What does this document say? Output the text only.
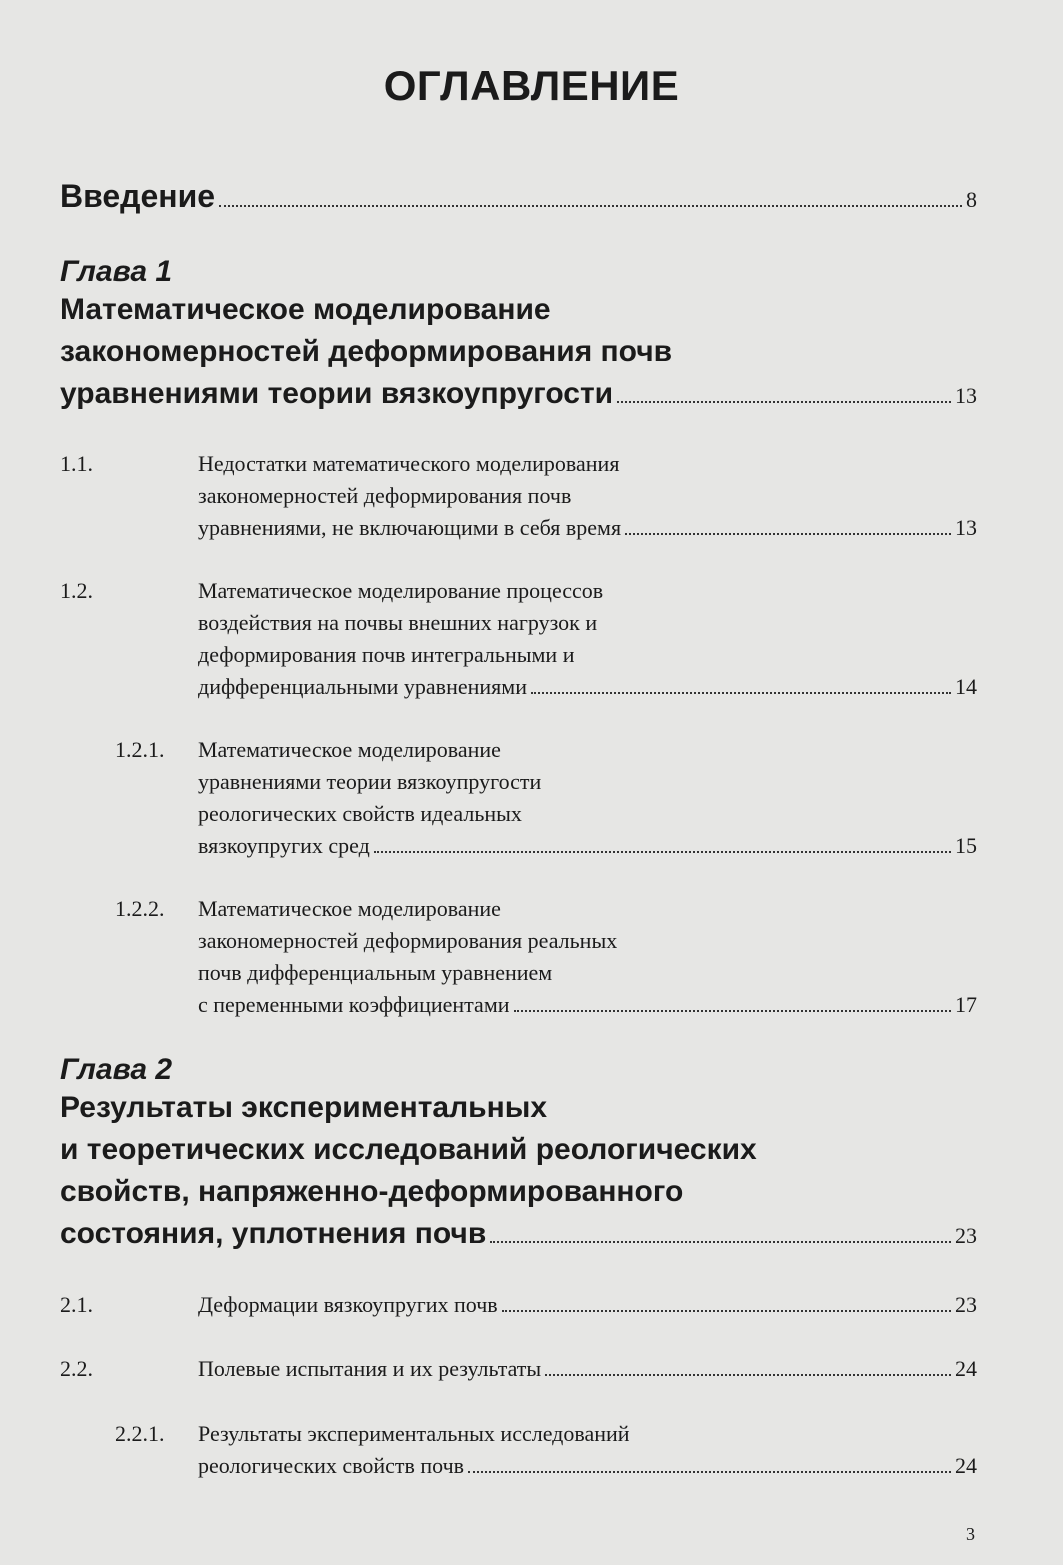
ОГЛАВЛЕНИЕ
Введение	8
Глава 1
Математическое моделирование
закономерностей деформирования почв
уравнениями теории вязкоупругости	13
1.1.	Недостатки математического моделирования
закономерностей деформирования почв
уравнениями, не включающими в себя время	13
1.2.	Математическое моделирование процессов
воздействия на почвы внешних нагрузок и
деформирования почв интегральными и
дифференциальными уравнениями	14
1.2.1. Математическое моделирование
уравнениями теории вязкоупругости
реологических свойств идеальных
вязкоупругих сред	15
1.2.2. Математическое моделирование
закономерностей деформирования реальных
почв дифференциальным уравнением
с переменными коэффициентами	17
Глава 2
Результаты экспериментальных
и теоретических исследований реологических
свойств, напряженно-деформированного
состояния, уплотнения почв	23
2.1.	Деформации вязкоупругих почв	23
2.2.	Полевые испытания и их результаты	24
2.2.1. Результаты экспериментальных исследований
реологических свойств почв	24
3
